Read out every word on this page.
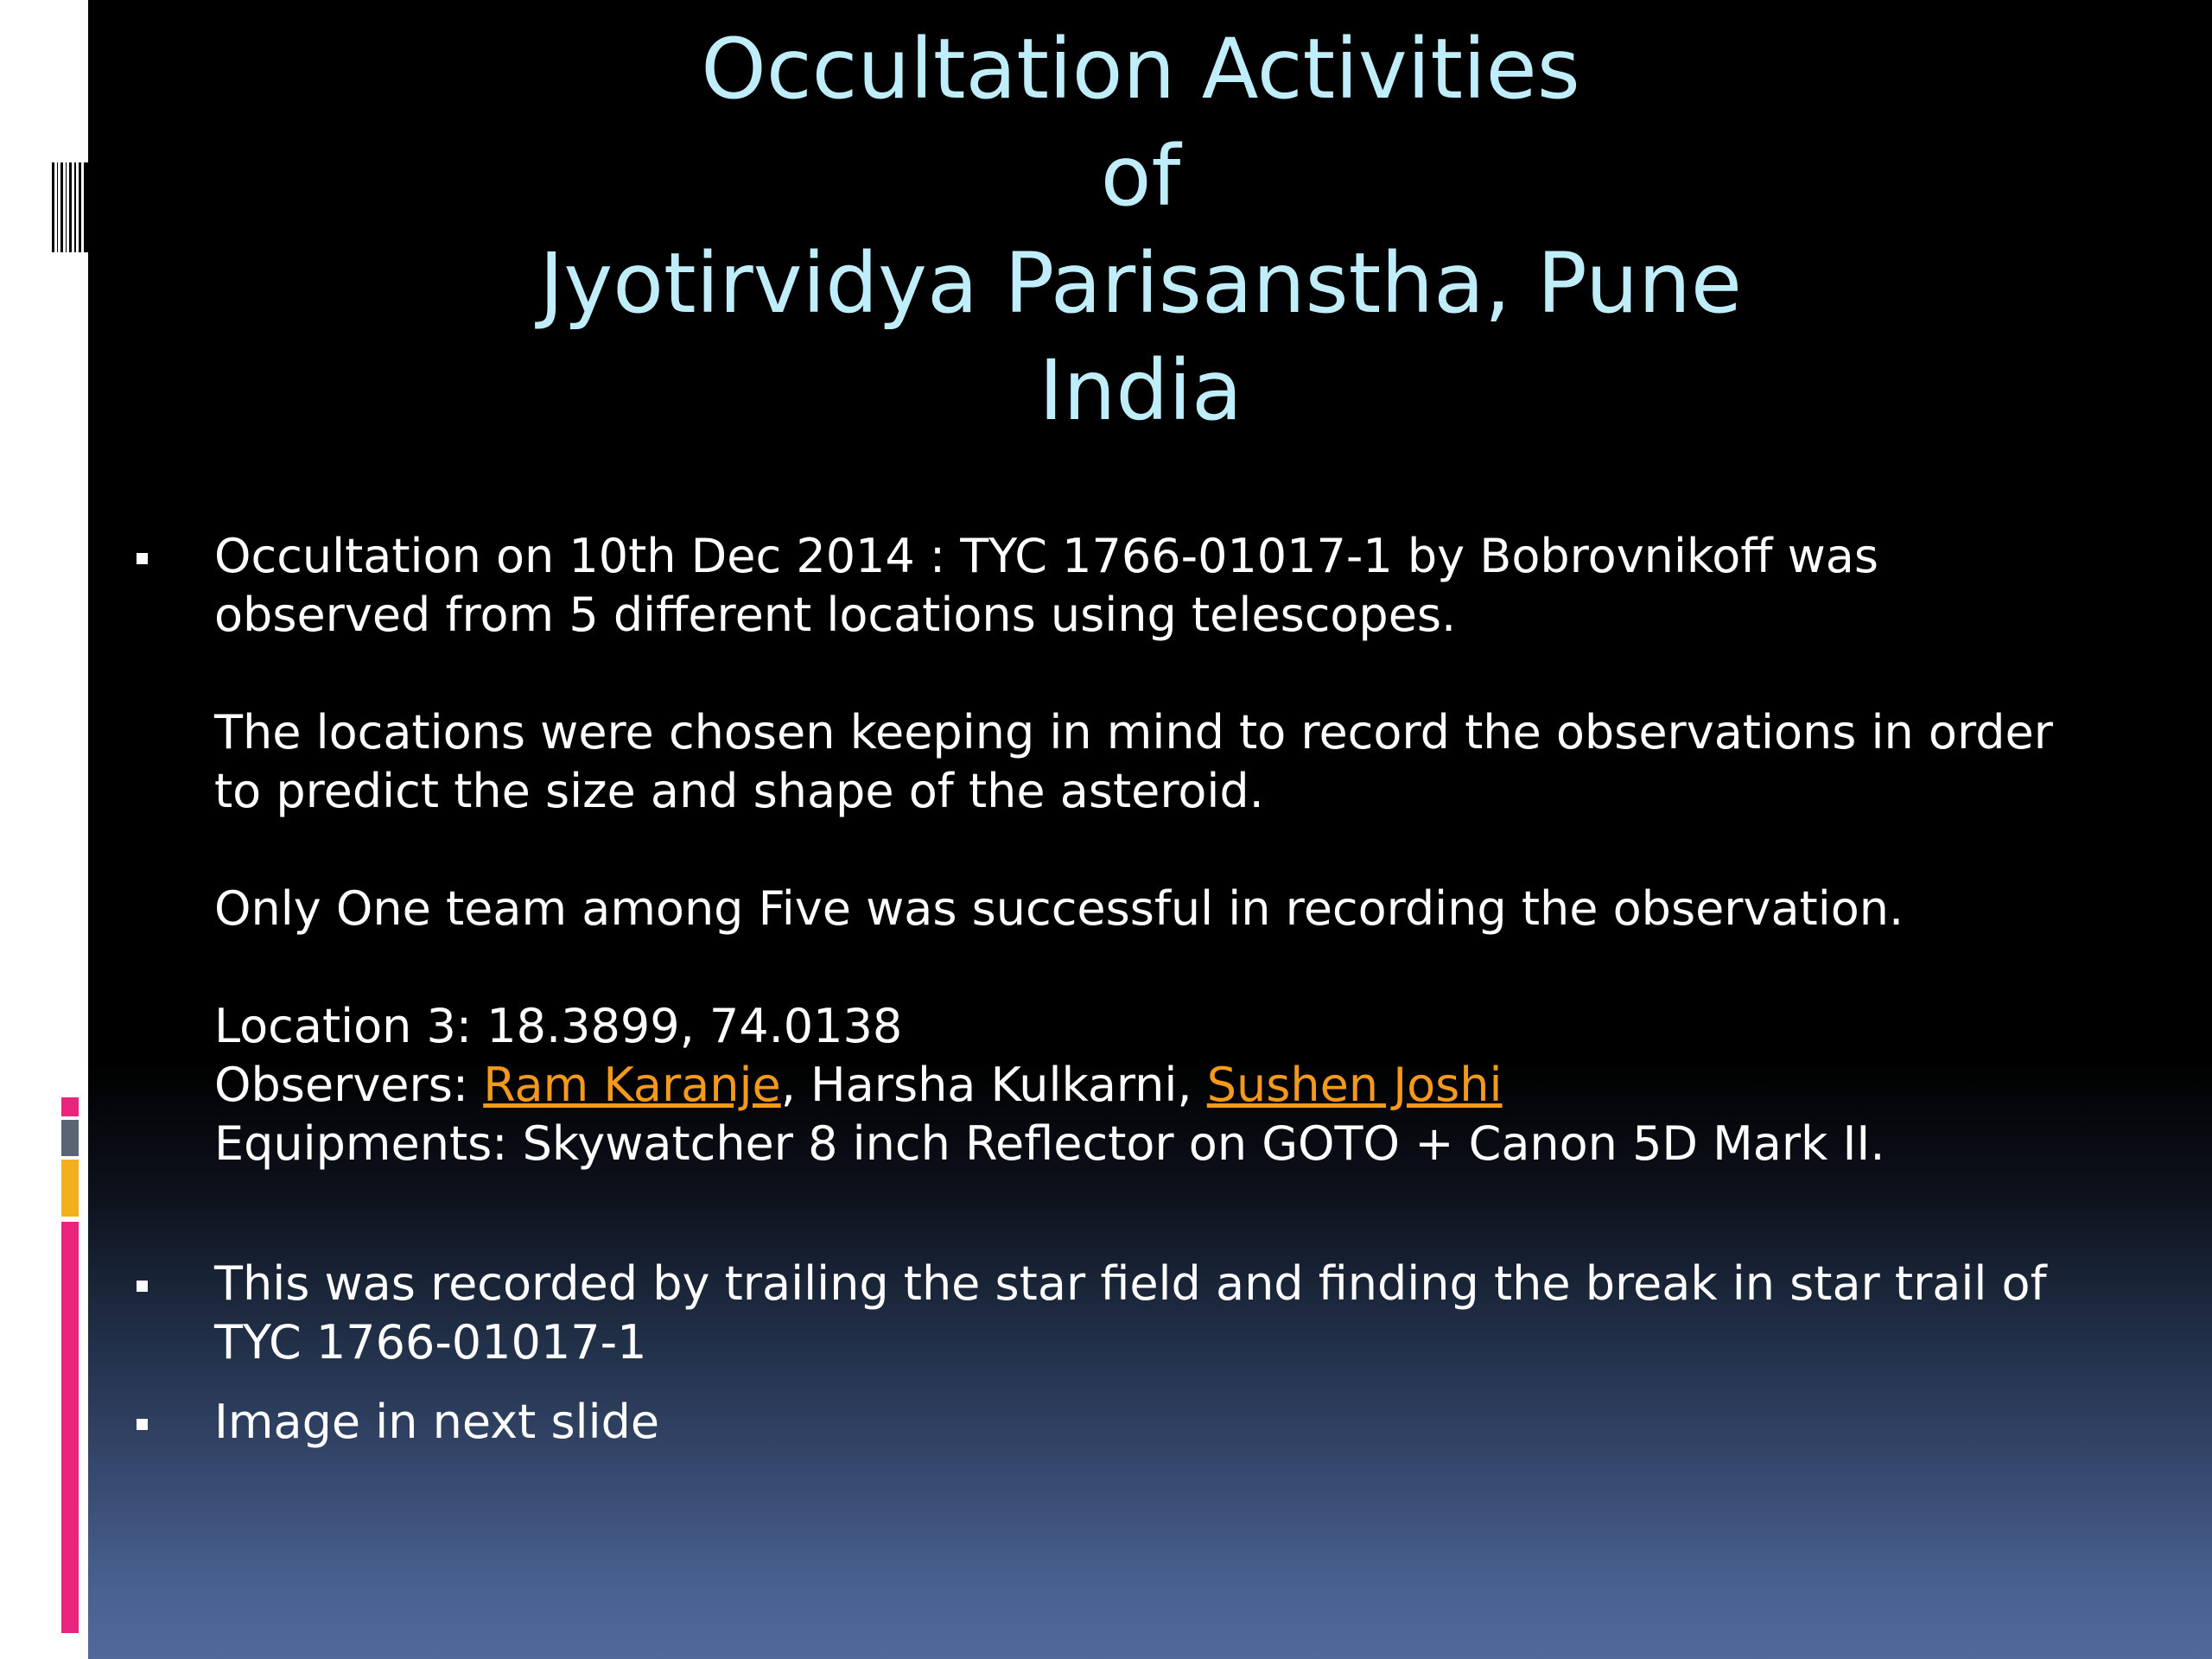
Occultation Activities
of
Jyotirvidya Parisanstha, Pune
India
Occultation on 10th Dec 2014 : TYC 1766-01017-1 by Bobrovnikoff was
observed from 5 different locations using telescopes.
The locations were chosen keeping in mind to record the observations in order
to predict the size and shape of the asteroid.
Only One team among Five was successful in recording the observation.
Location 3: 18.3899, 74.0138
Observers: Ram Karanje, Harsha Kulkarni, Sushen Joshi
Equipments: Skywatcher 8 inch Reflector on GOTO + Canon 5D Mark II.
This was recorded by trailing the star field and finding the break in star trail of
TYC 1766-01017-1
Image in next slide
